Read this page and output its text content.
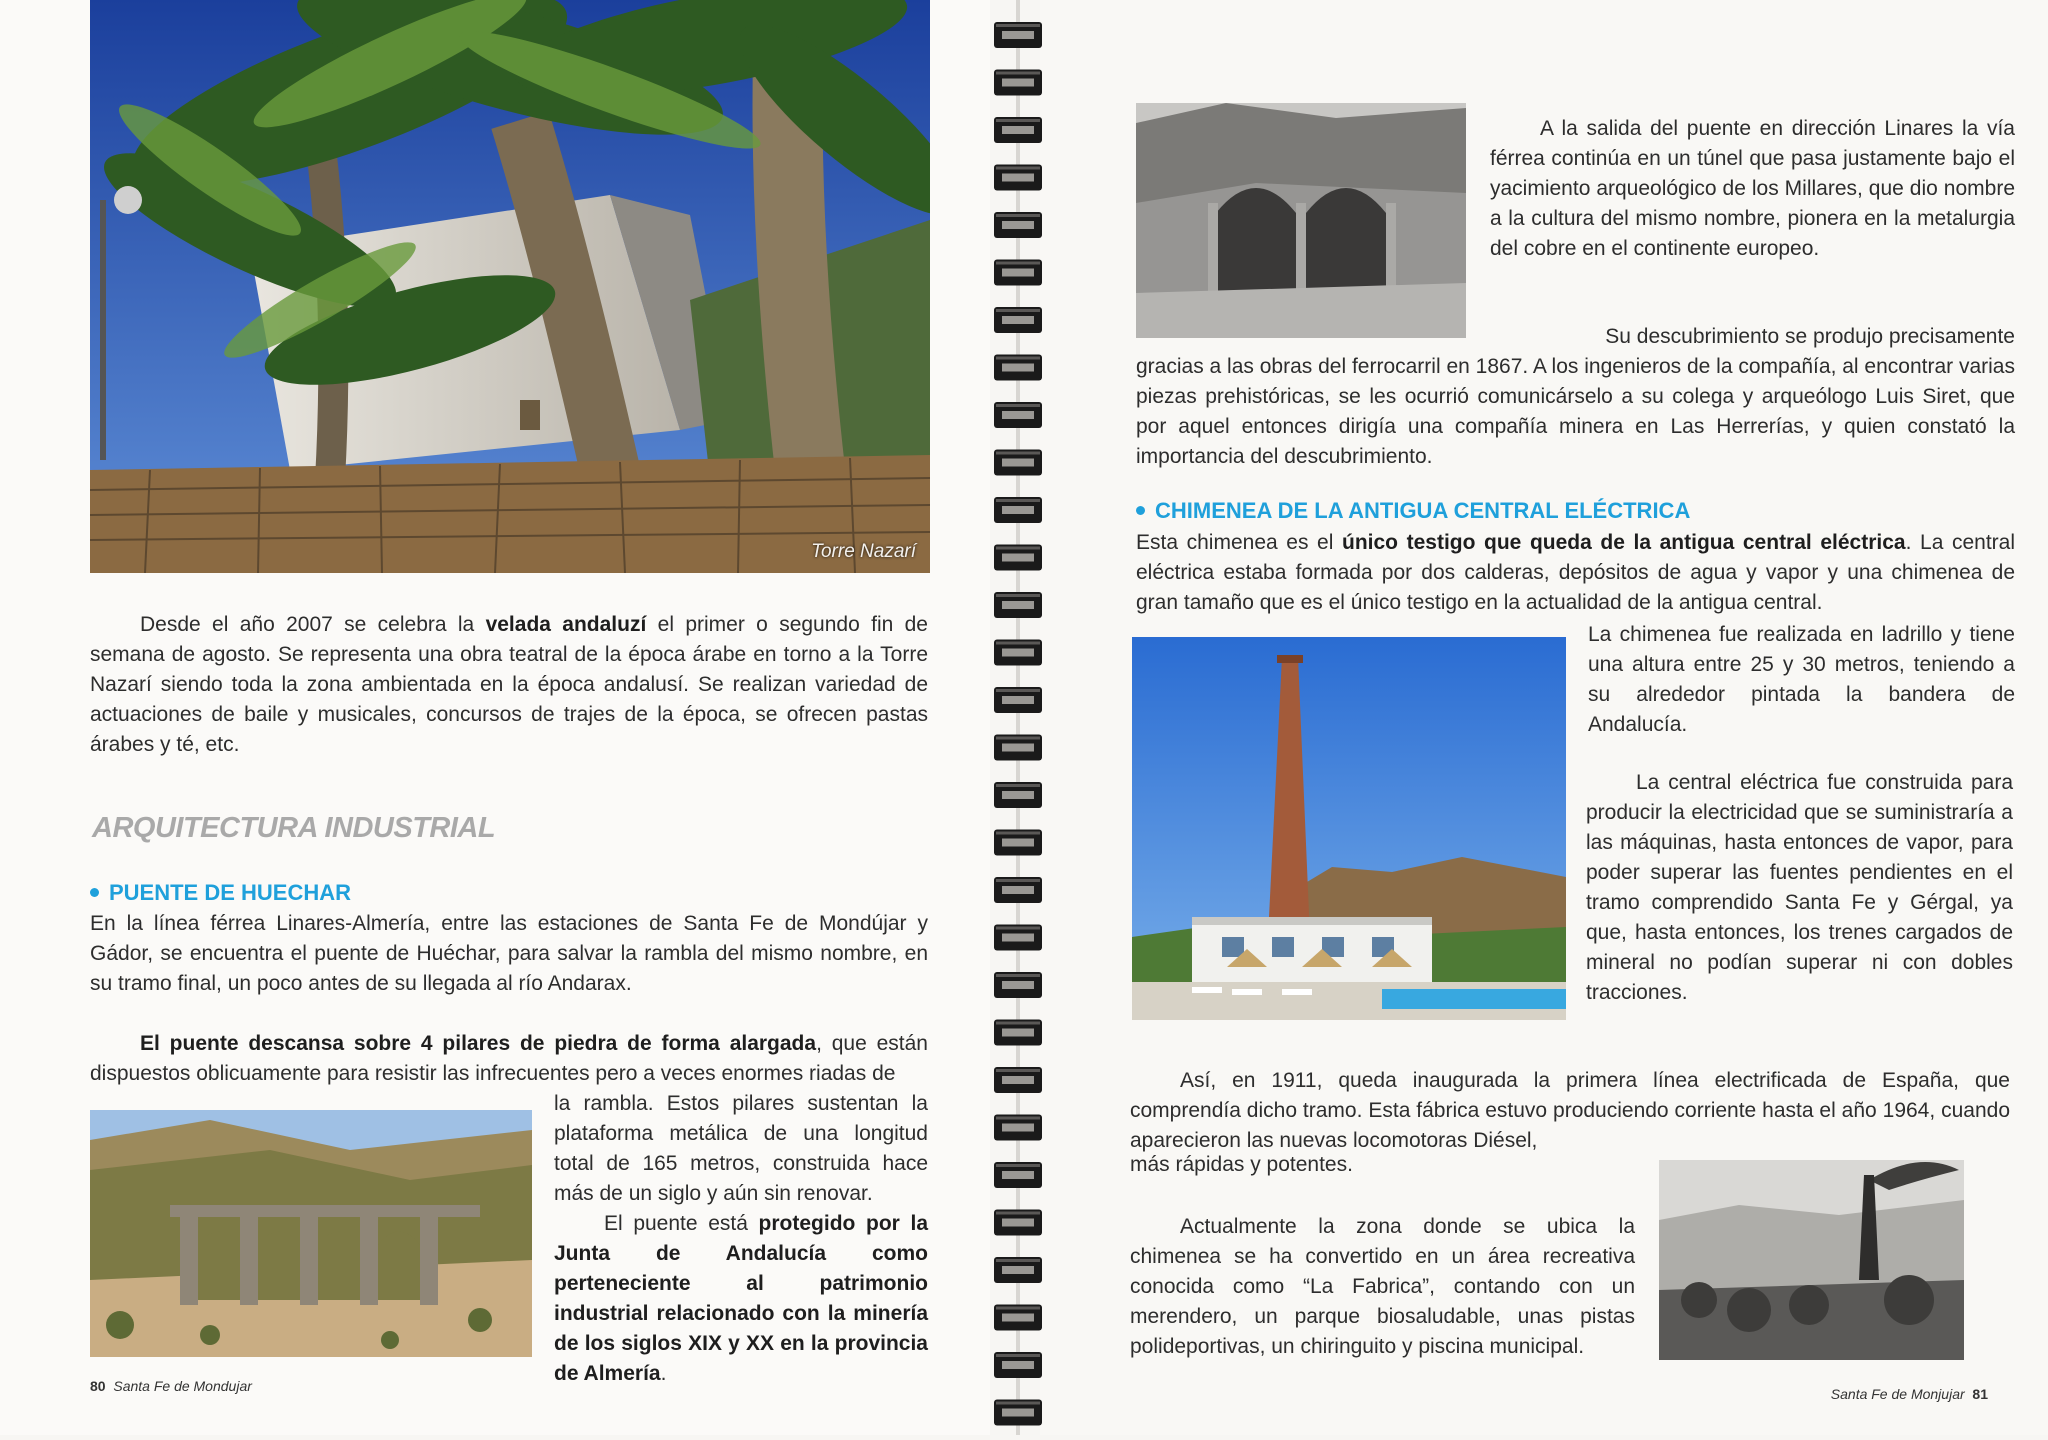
Torre Nazarí
Desde el año 2007 se celebra la velada andaluzí el primer o segundo fin de semana de agosto. Se representa una obra teatral de la época árabe en torno a la Torre Nazarí siendo toda la zona ambientada en la época andalusí. Se realizan variedad de actuaciones de baile y musicales, concursos de trajes de la época, se ofrecen pastas árabes y té, etc.
ARQUITECTURA INDUSTRIAL
PUENTE DE HUECHAR
En la línea férrea Linares-Almería, entre las estaciones de Santa Fe de Mondújar y Gádor, se encuentra el puente de Huéchar, para salvar la rambla del mismo nombre, en su tramo final, un poco antes de su llegada al río Andarax.
El puente descansa sobre 4 pilares de piedra de forma alargada, que están dispuestos oblicuamente para resistir las infrecuentes pero a veces enormes riadas de
la rambla. Estos pilares sustentan la plataforma metálica de una longitud total de 165 metros, construida hace más de un siglo y aún sin renovar.
El puente está protegido por la Junta de Andalucía como perteneciente al patrimonio industrial relacionado con la minería de los siglos XIX y XX en la provincia de Almería.
80 Santa Fe de Mondujar
A la salida del puente en dirección Linares la vía férrea continúa en un túnel que pasa justamente bajo el yacimiento arqueológico de los Millares, que dio nombre a la cultura del mismo nombre, pionera en la metalurgia del cobre en el continente europeo.
Su descubrimiento se produjo precisamente
gracias a las obras del ferrocarril en 1867. A los ingenieros de la compañía, al encontrar varias piezas prehistóricas, se les ocurrió comunicárselo a su colega y arqueólogo Luis Siret, que por aquel entonces dirigía una compañía minera en Las Herrerías, y quien constató la importancia del descubrimiento.
CHIMENEA DE LA ANTIGUA CENTRAL ELÉCTRICA
Esta chimenea es el único testigo que queda de la antigua central eléctrica. La central eléctrica estaba formada por dos calderas, depósitos de agua y vapor y una chimenea de gran tamaño que es el único testigo en la actualidad de la antigua central.
La chimenea fue realizada en ladrillo y tiene una altura entre 25 y 30 metros, teniendo a su alrededor pintada la bandera de Andalucía.
La central eléctrica fue construida para producir la electricidad que se suministraría a las máquinas, hasta entonces de vapor, para poder superar las fuentes pendientes en el tramo comprendido Santa Fe y Gérgal, ya que, hasta entonces, los trenes cargados de mineral no podían superar ni con dobles tracciones.
Así, en 1911, queda inaugurada la primera línea electrificada de España, que comprendía dicho tramo. Esta fábrica estuvo produciendo corriente hasta el año 1964, cuando aparecieron las nuevas locomotoras Diésel,
más rápidas y potentes.
Actualmente la zona donde se ubica la chimenea se ha convertido en un área recreativa conocida como “La Fabrica”, contando con un merendero, un parque biosaludable, unas pistas polideportivas, un chiringuito y piscina municipal.
Santa Fe de Monjujar 81
